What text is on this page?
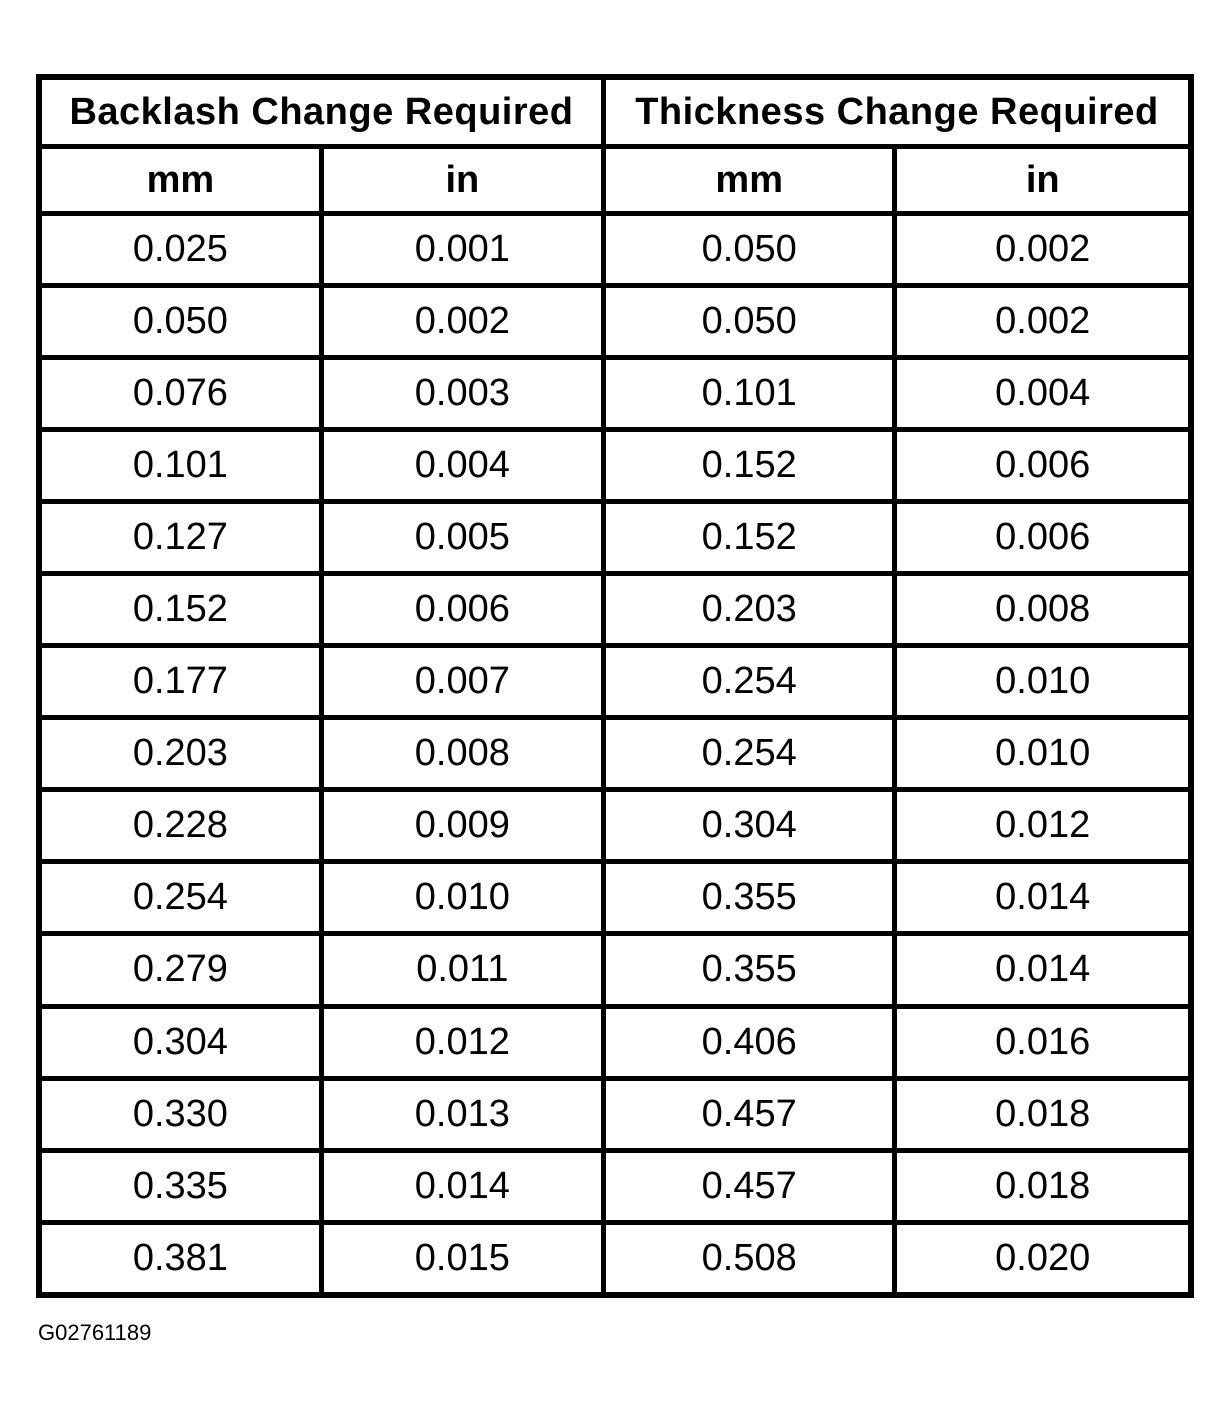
Backlash Change Required		Thickness Change Required	
mm	in	mm	in
0.025	0.001	0.050	0.002
0.050	0.002	0.050	0.002
0.076	0.003	0.101	0.004
0.101	0.004	0.152	0.006
0.127	0.005	0.152	0.006
0.152	0.006	0.203	0.008
0.177	0.007	0.254	0.010
0.203	0.008	0.254	0.010
0.228	0.009	0.304	0.012
0.254	0.010	0.355	0.014
0.279	0.011	0.355	0.014
0.304	0.012	0.406	0.016
0.330	0.013	0.457	0.018
0.335	0.014	0.457	0.018
0.381	0.015	0.508	0.020
G02761189
